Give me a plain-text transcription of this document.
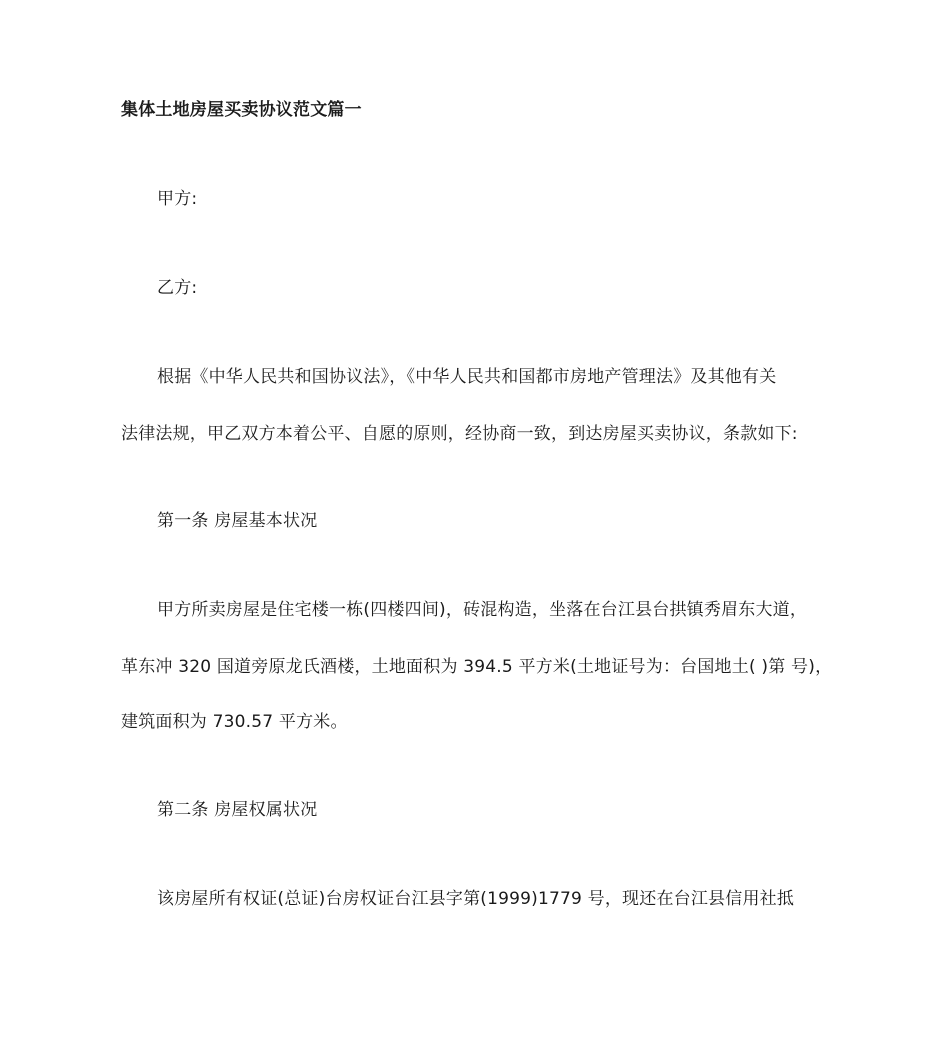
集体土地房屋买卖协议范文篇一
甲方:
乙方:
根据《中华人民共和国协议法》，《中华人民共和国都市房地产管理法》及其他有关
法律法规，甲乙双方本着公平、自愿的原则，经协商一致，到达房屋买卖协议，条款如下:
第一条 房屋基本状况
甲方所卖房屋是住宅楼一栋(四楼四间)，砖混构造，坐落在台江县台拱镇秀眉东大道，
革东冲 320 国道旁原龙氏酒楼，土地面积为 394.5 平方米(土地证号为：台国地土( )第 号)，
建筑面积为 730.57 平方米。
第二条 房屋权属状况
该房屋所有权证(总证)台房权证台江县字第(1999)1779 号，现还在台江县信用社抵
